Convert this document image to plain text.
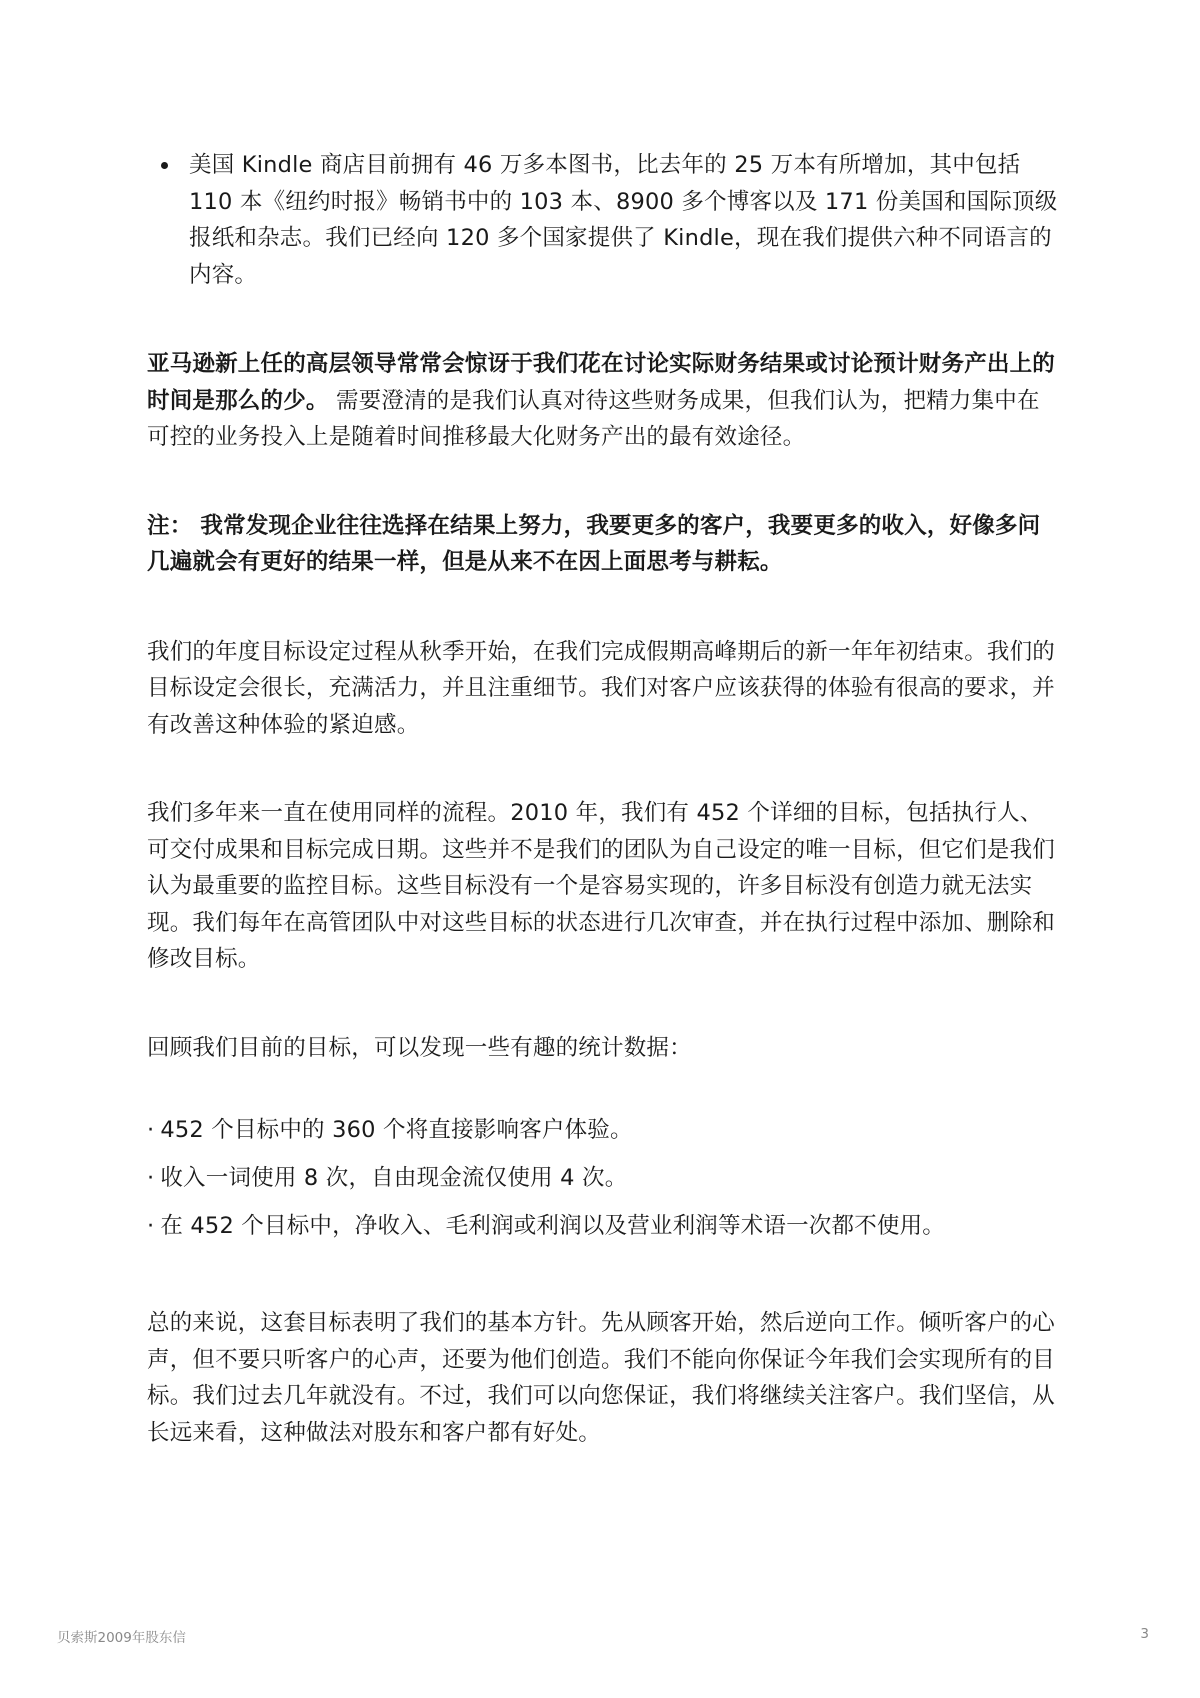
美国 Kindle 商店目前拥有 46 万多本图书，比去年的 25 万本有所增加，其中包括 110 本《纽约时报》畅销书中的 103 本、8900 多个博客以及 171 份美国和国际顶级报纸和杂志。我们已经向 120 多个国家提供了 Kindle，现在我们提供六种不同语言的内容。

亚马逊新上任的高层领导常常会惊讶于我们花在讨论实际财务结果或讨论预计财务产出上的时间是那么的少。 需要澄清的是我们认真对待这些财务成果，但我们认为，把精力集中在可控的业务投入上是随着时间推移最大化财务产出的最有效途径。

注： 我常发现企业往往选择在结果上努力，我要更多的客户，我要更多的收入，好像多问几遍就会有更好的结果一样，但是从来不在因上面思考与耕耘。

我们的年度目标设定过程从秋季开始，在我们完成假期高峰期后的新一年年初结束。我们的目标设定会很长，充满活力，并且注重细节。我们对客户应该获得的体验有很高的要求，并有改善这种体验的紧迫感。

我们多年来一直在使用同样的流程。2010 年，我们有 452 个详细的目标，包括执行人、可交付成果和目标完成日期。这些并不是我们的团队为自己设定的唯一目标，但它们是我们认为最重要的监控目标。这些目标没有一个是容易实现的，许多目标没有创造力就无法实现。我们每年在高管团队中对这些目标的状态进行几次审查，并在执行过程中添加、删除和修改目标。

回顾我们目前的目标，可以发现一些有趣的统计数据：

· 452 个目标中的 360 个将直接影响客户体验。
· 收入一词使用 8 次，自由现金流仅使用 4 次。
· 在 452 个目标中，净收入、毛利润或利润以及营业利润等术语一次都不使用。

总的来说，这套目标表明了我们的基本方针。先从顾客开始，然后逆向工作。倾听客户的心声，但不要只听客户的心声，还要为他们创造。我们不能向你保证今年我们会实现所有的目标。我们过去几年就没有。不过，我们可以向您保证，我们将继续关注客户。我们坚信，从长远来看，这种做法对股东和客户都有好处。

贝索斯2009年股东信	3
